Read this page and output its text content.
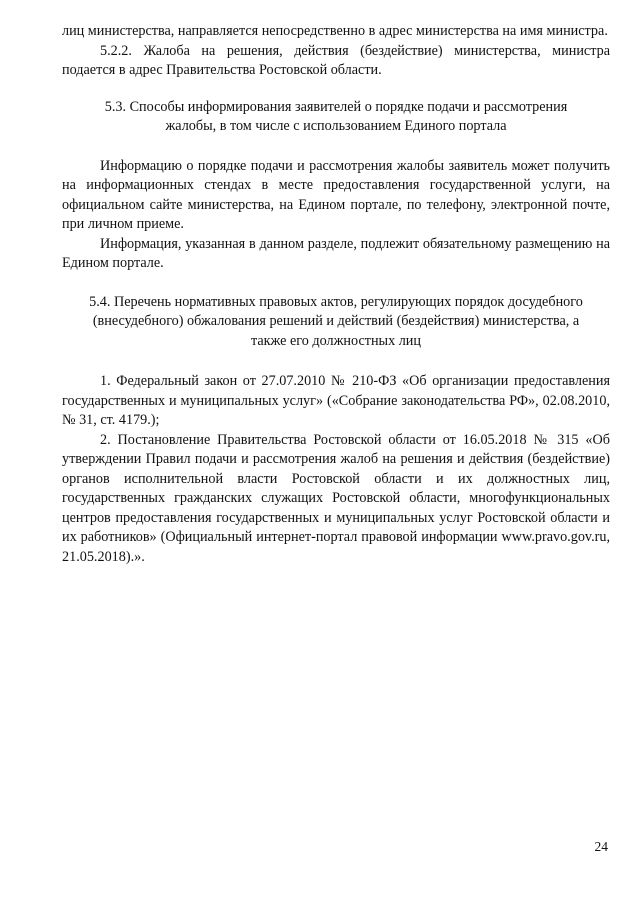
лиц министерства, направляется непосредственно в адрес министерства на имя министра.

5.2.2. Жалоба на решения, действия (бездействие) министерства, министра подается в адрес Правительства Ростовской области.

5.3. Способы информирования заявителей о порядке подачи и рассмотрения жалобы, в том числе с использованием Единого портала

Информацию о порядке подачи и рассмотрения жалобы заявитель может получить на информационных стендах в месте предоставления государственной услуги, на официальном сайте министерства, на Едином портале, по телефону, электронной почте, при личном приеме.

Информация, указанная в данном разделе, подлежит обязательному размещению на Едином портале.

5.4. Перечень нормативных правовых актов, регулирующих порядок досудебного (внесудебного) обжалования решений и действий (бездействия) министерства, а также его должностных лиц

1. Федеральный закон от 27.07.2010 № 210-ФЗ «Об организации предоставления государственных и муниципальных услуг» («Собрание законодательства РФ», 02.08.2010, № 31, ст. 4179.);

2. Постановление Правительства Ростовской области от 16.05.2018 № 315 «Об утверждении Правил подачи и рассмотрения жалоб на решения и действия (бездействие) органов исполнительной власти Ростовской области и их должностных лиц, государственных гражданских служащих Ростовской области, многофункциональных центров предоставления государственных и муниципальных услуг Ростовской области и их работников» (Официальный интернет-портал правовой информации www.pravo.gov.ru, 21.05.2018).».

24
